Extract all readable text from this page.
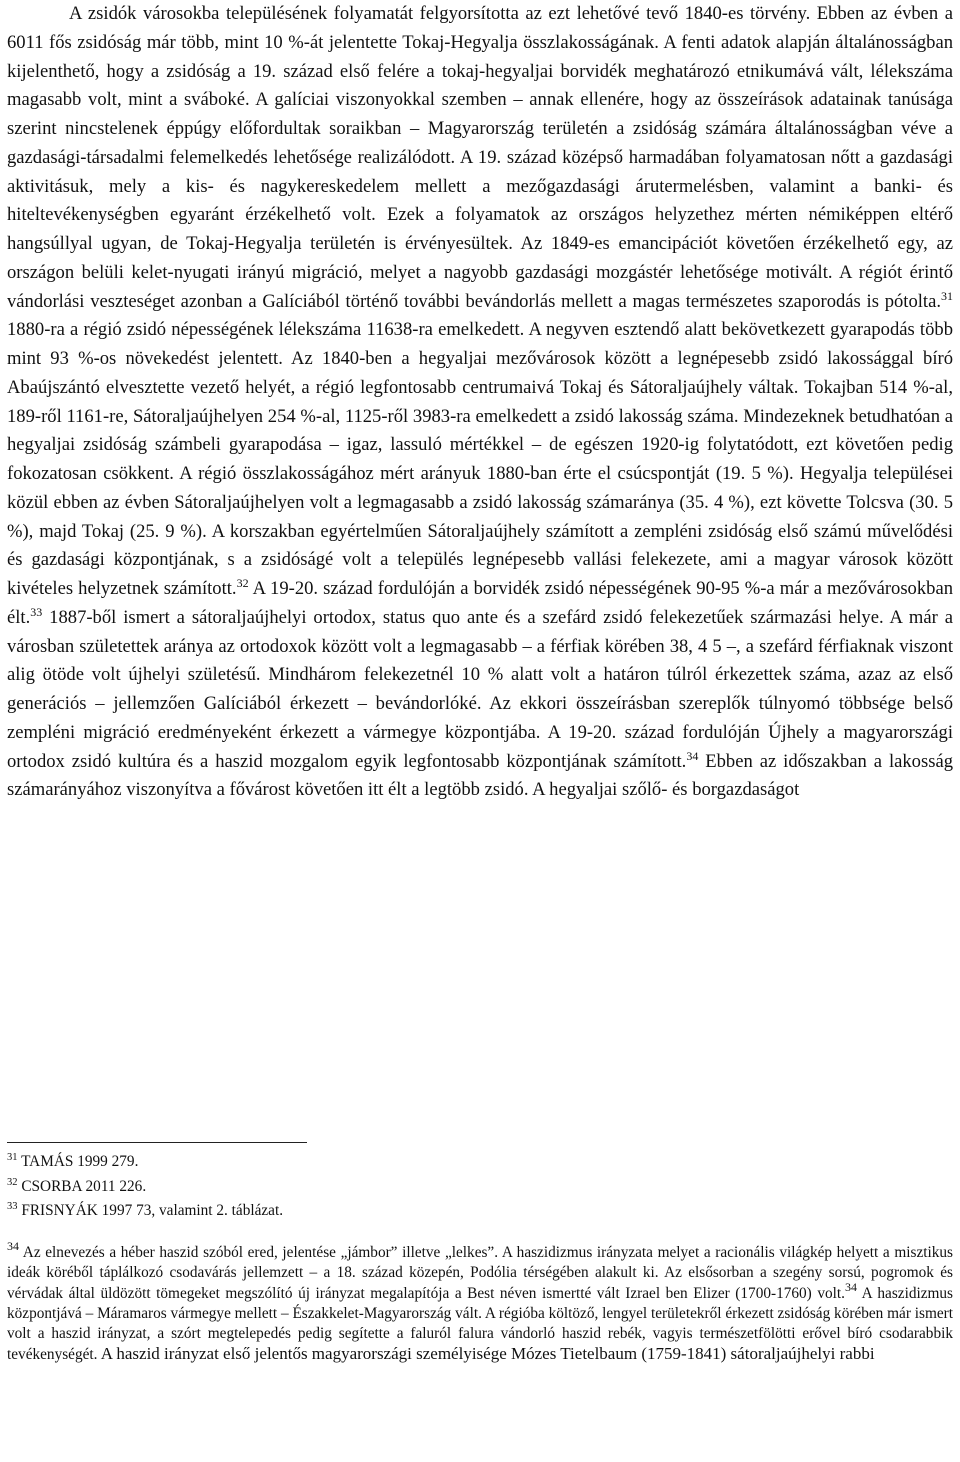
A zsidók városokba településének folyamatát felgyorsította az ezt lehetővé tevő 1840-es törvény. Ebben az évben a 6011 fős zsidóság már több, mint 10 %-át jelentette Tokaj-Hegyalja összlakosságának. A fenti adatok alapján általánosságban kijelenthető, hogy a zsidóság a 19. század első felére a tokaj-hegyaljai borvidék meghatározó etnikumává vált, lélekszáma magasabb volt, mint a svábоké. A galíciai viszonyokkal szemben – annak ellenére, hogy az összeírások adatainak tanúsága szerint nincstelenek éppúgy előfordultak soraikban – Magyarország területén a zsidóság számára általánosságban véve a gazdasági-társadalmi felemelkedés lehetősége realizálódott. A 19. század középső harmadában folyamatosan nőtt a gazdasági aktivitásuk, mely a kis- és nagykereskedelem mellett a mezőgazdasági árutermelésben, valamint a banki- és hiteltevékenységben egyaránt érzékelhető volt. Ezek a folyamatok az országos helyzethez mérten némiképpen eltérő hangsúllyal ugyan, de Tokaj-Hegyalja területén is érvényesültek. Az 1849-es emancipációt követően érzékelhető egy, az országon belüli kelet-nyugati irányú migráció, melyet a nagyobb gazdasági mozgástér lehetősége motivált. A régiót érintő vándorlási veszteséget azonban a Galíciából történő további bevándorlás mellett a magas természetes szaporodás is pótolta.$^{31}$ 1880-ra a régió zsidó népességének lélekszáma 11638-ra emelkedett. A negyven esztendő alatt bekövetkezett gyarapodás több mint 93 %-os növekedést jelentett. Az 1840-ben a hegyaljai mezővárosok között a legnépesebb zsidó lakossággal bíró Abaújszántó elvesztette vezető helyét, a régió legfontosabb centrumaivá Tokaj és Sátoraljaújhely váltak. Tokajban 514 %-al, 189-ről 1161-re, Sátoraljaújhelyen 254 %-al, 1125-ről 3983-ra emelkedett a zsidó lakosság száma. Mindezeknek betudhatóan a hegyaljai zsidóság számbeli gyarapodása – igaz, lassuló mértékkel – de egészen 1920-ig folytatódott, ezt követően pedig fokozatosan csökkent. A régió összlakosságához mért arányuk 1880-ban érte el csúcspontját (19. 5 %). Hegyalja települései közül ebben az évben Sátoraljaújhelyen volt a legmagasabb a zsidó lakosság számaránya (35. 4 %), ezt követte Tolcsva (30. 5 %), majd Tokaj (25. 9 %). A korszakban egyértelműen Sátoraljaújhely számított a zempléni zsidóság első számú művelődési és gazdasági központjának, s a zsidóságé volt a település legnépesebb vallási felekezete, ami a magyar városok között kivételes helyzetnek számított.$^{32}$ A 19-20. század fordulóján a borvidék zsidó népességének 90-95 %-a már a mezővárosokban élt.$^{33}$ 1887-ből ismert a sátoraljaújhelyi ortodox, status quo ante és a szefárd zsidó felekezetűek származási helye. A már a városban születettek aránya az ortodoxok között volt a legmagasabb – a férfiak körében 38, 4 5 –, a szefárd férfiaknak viszont alig ötöde volt újhelyi születésű. Mindhárom felekezetnél 10 % alatt volt a határon túlról érkezettek száma, azaz az első generációs – jellemzően Galíciából érkezett – bevándorlóké. Az ekkori összeírásban szereplők túlnyomó többsége belső zempléni migráció eredményeként érkezett a vármegye központjába. A 19-20. század fordulóján Újhely a magyarországi ortodox zsidó kultúra és a haszid mozgalom egyik legfontosabb központjának számított.$^{34}$ Ebben az időszakban a lakosság számarányához viszonyítva a fővárost követően itt élt a legtöbb zsidó. A hegyaljai szőlő- és borgazdaságot

$^{31}$ TAMÁS 1999 279.

$^{32}$ CSORBA 2011 226.

$^{33}$ FRISNYÁK 1997 73, valamint 2. táblázat.

$^{34}$ Az elnevezés a héber haszid szóból ered, jelentése „jámbor” illetve „lelkes”. A haszidizmus irányzata melyet a racionális világkép helyett a misztikus ideák köréből táplálkozó csodavárás jellemzett – a 18. század közepén, Podólia térségében alakult ki. Az elsősorban a szegény sorsú, pogromok és vérvádak által üldözött tömegeket megszólító új irányzat megalapítója a Best néven ismertté vált Izrael ben Elizer (1700-1760) volt.$^{34}$ A haszidizmus központjává – Máramaros vármegye mellett – Északkelet-Magyarország vált. A régióba költöző, lengyel területekről érkezett zsidóság körében már ismert volt a haszid irányzat, a szórt megtelepedés pedig segítette a faluról falura vándorló haszid rebék, vagyis természetfölötti erővel bíró csodarabbik tevékenységét. A haszid irányzat első jelentős magyarországi személyisége Mózes Tietelbaum (1759-1841) sátoraljaújhelyi rabbi
